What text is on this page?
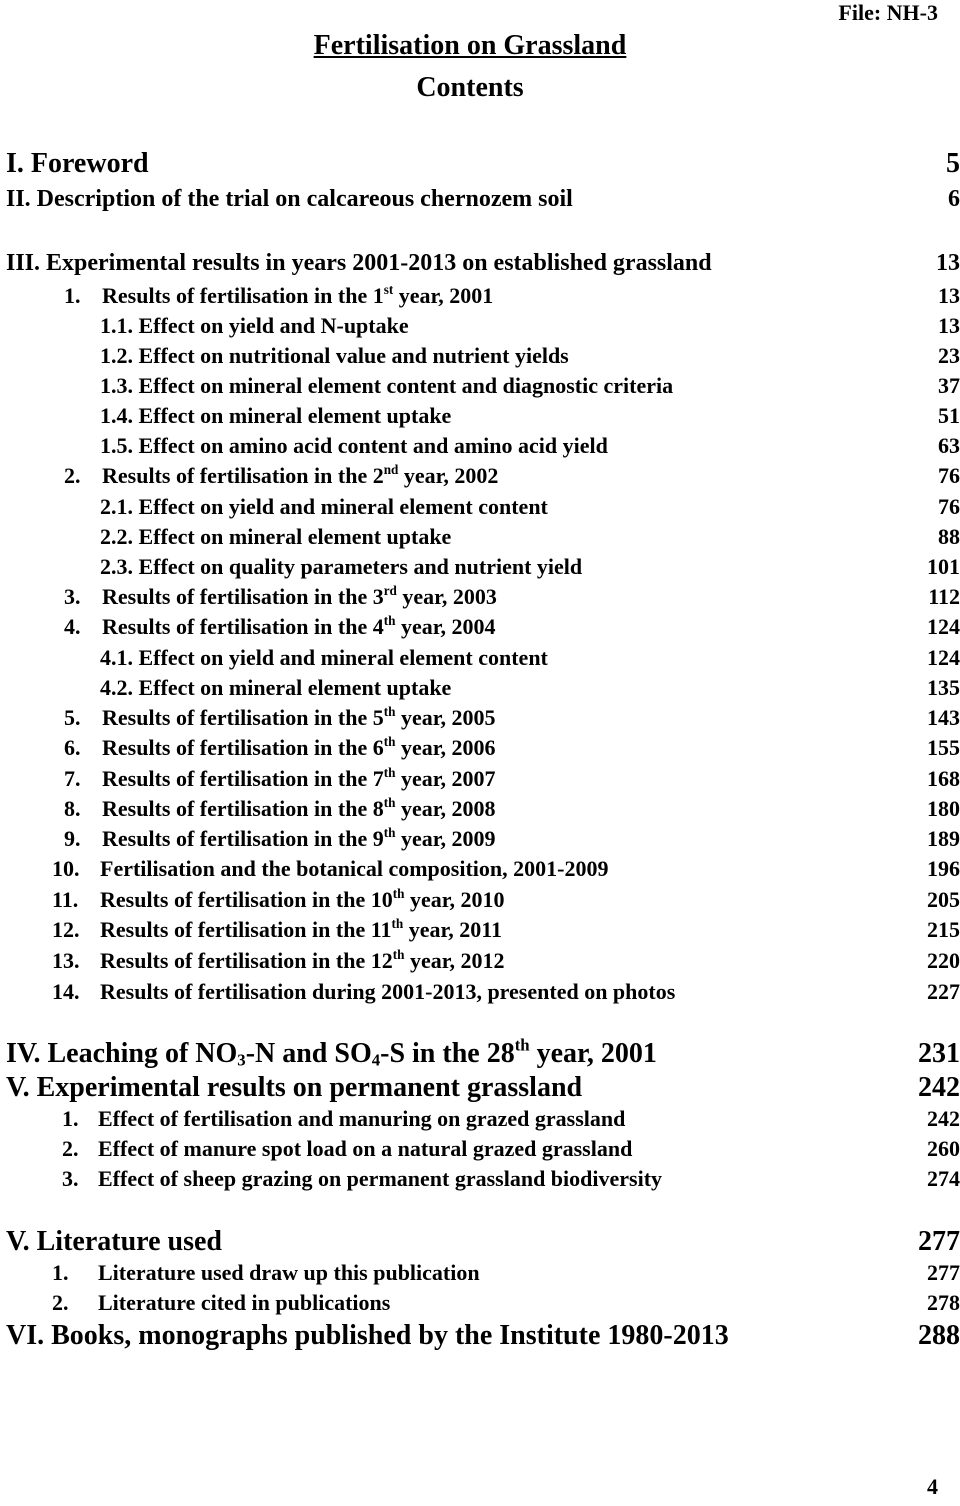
File: NH-3
Fertilisation on Grassland
Contents
I. Foreword	5
II. Description of the trial on calcareous chernozem soil	6
III. Experimental results in years 2001-2013 on established grassland	13
1. Results of fertilisation in the 1st year, 2001	13
1.1. Effect on yield and N-uptake	13
1.2. Effect on nutritional value and nutrient yields	23
1.3. Effect on mineral element content and diagnostic criteria	37
1.4. Effect on mineral element uptake	51
1.5. Effect on amino acid content and amino acid yield	63
2. Results of fertilisation in the 2nd year, 2002	76
2.1. Effect on yield and mineral element content	76
2.2. Effect on mineral element uptake	88
2.3. Effect on quality parameters and nutrient yield	101
3. Results of fertilisation in the 3rd year, 2003	112
4. Results of fertilisation in the 4th year, 2004	124
4.1. Effect on yield and mineral element content	124
4.2. Effect on mineral element uptake	135
5. Results of fertilisation in the 5th year, 2005	143
6. Results of fertilisation in the 6th year, 2006	155
7. Results of fertilisation in the 7th year, 2007	168
8. Results of fertilisation in the 8th year, 2008	180
9. Results of fertilisation in the 9th year, 2009	189
10. Fertilisation and the botanical composition, 2001-2009	196
11. Results of fertilisation in the 10th year, 2010	205
12. Results of fertilisation in the 11th year, 2011	215
13. Results of fertilisation in the 12th year, 2012	220
14. Results of fertilisation during 2001-2013, presented on photos	227
IV. Leaching of $NO_3-N$ and $SO_4-S$ in the 28th year, 2001	231
V. Experimental results on permanent grassland	242
1. Effect of fertilisation and manuring on grazed grassland	242
2. Effect of manure spot load on a natural grazed grassland	260
3. Effect of sheep grazing on permanent grassland biodiversity	274
V. Literature used	277
1. Literature used draw up this publication	277
2. Literature cited in publications	278
VI. Books, monographs published by the Institute 1980-2013	288
4
